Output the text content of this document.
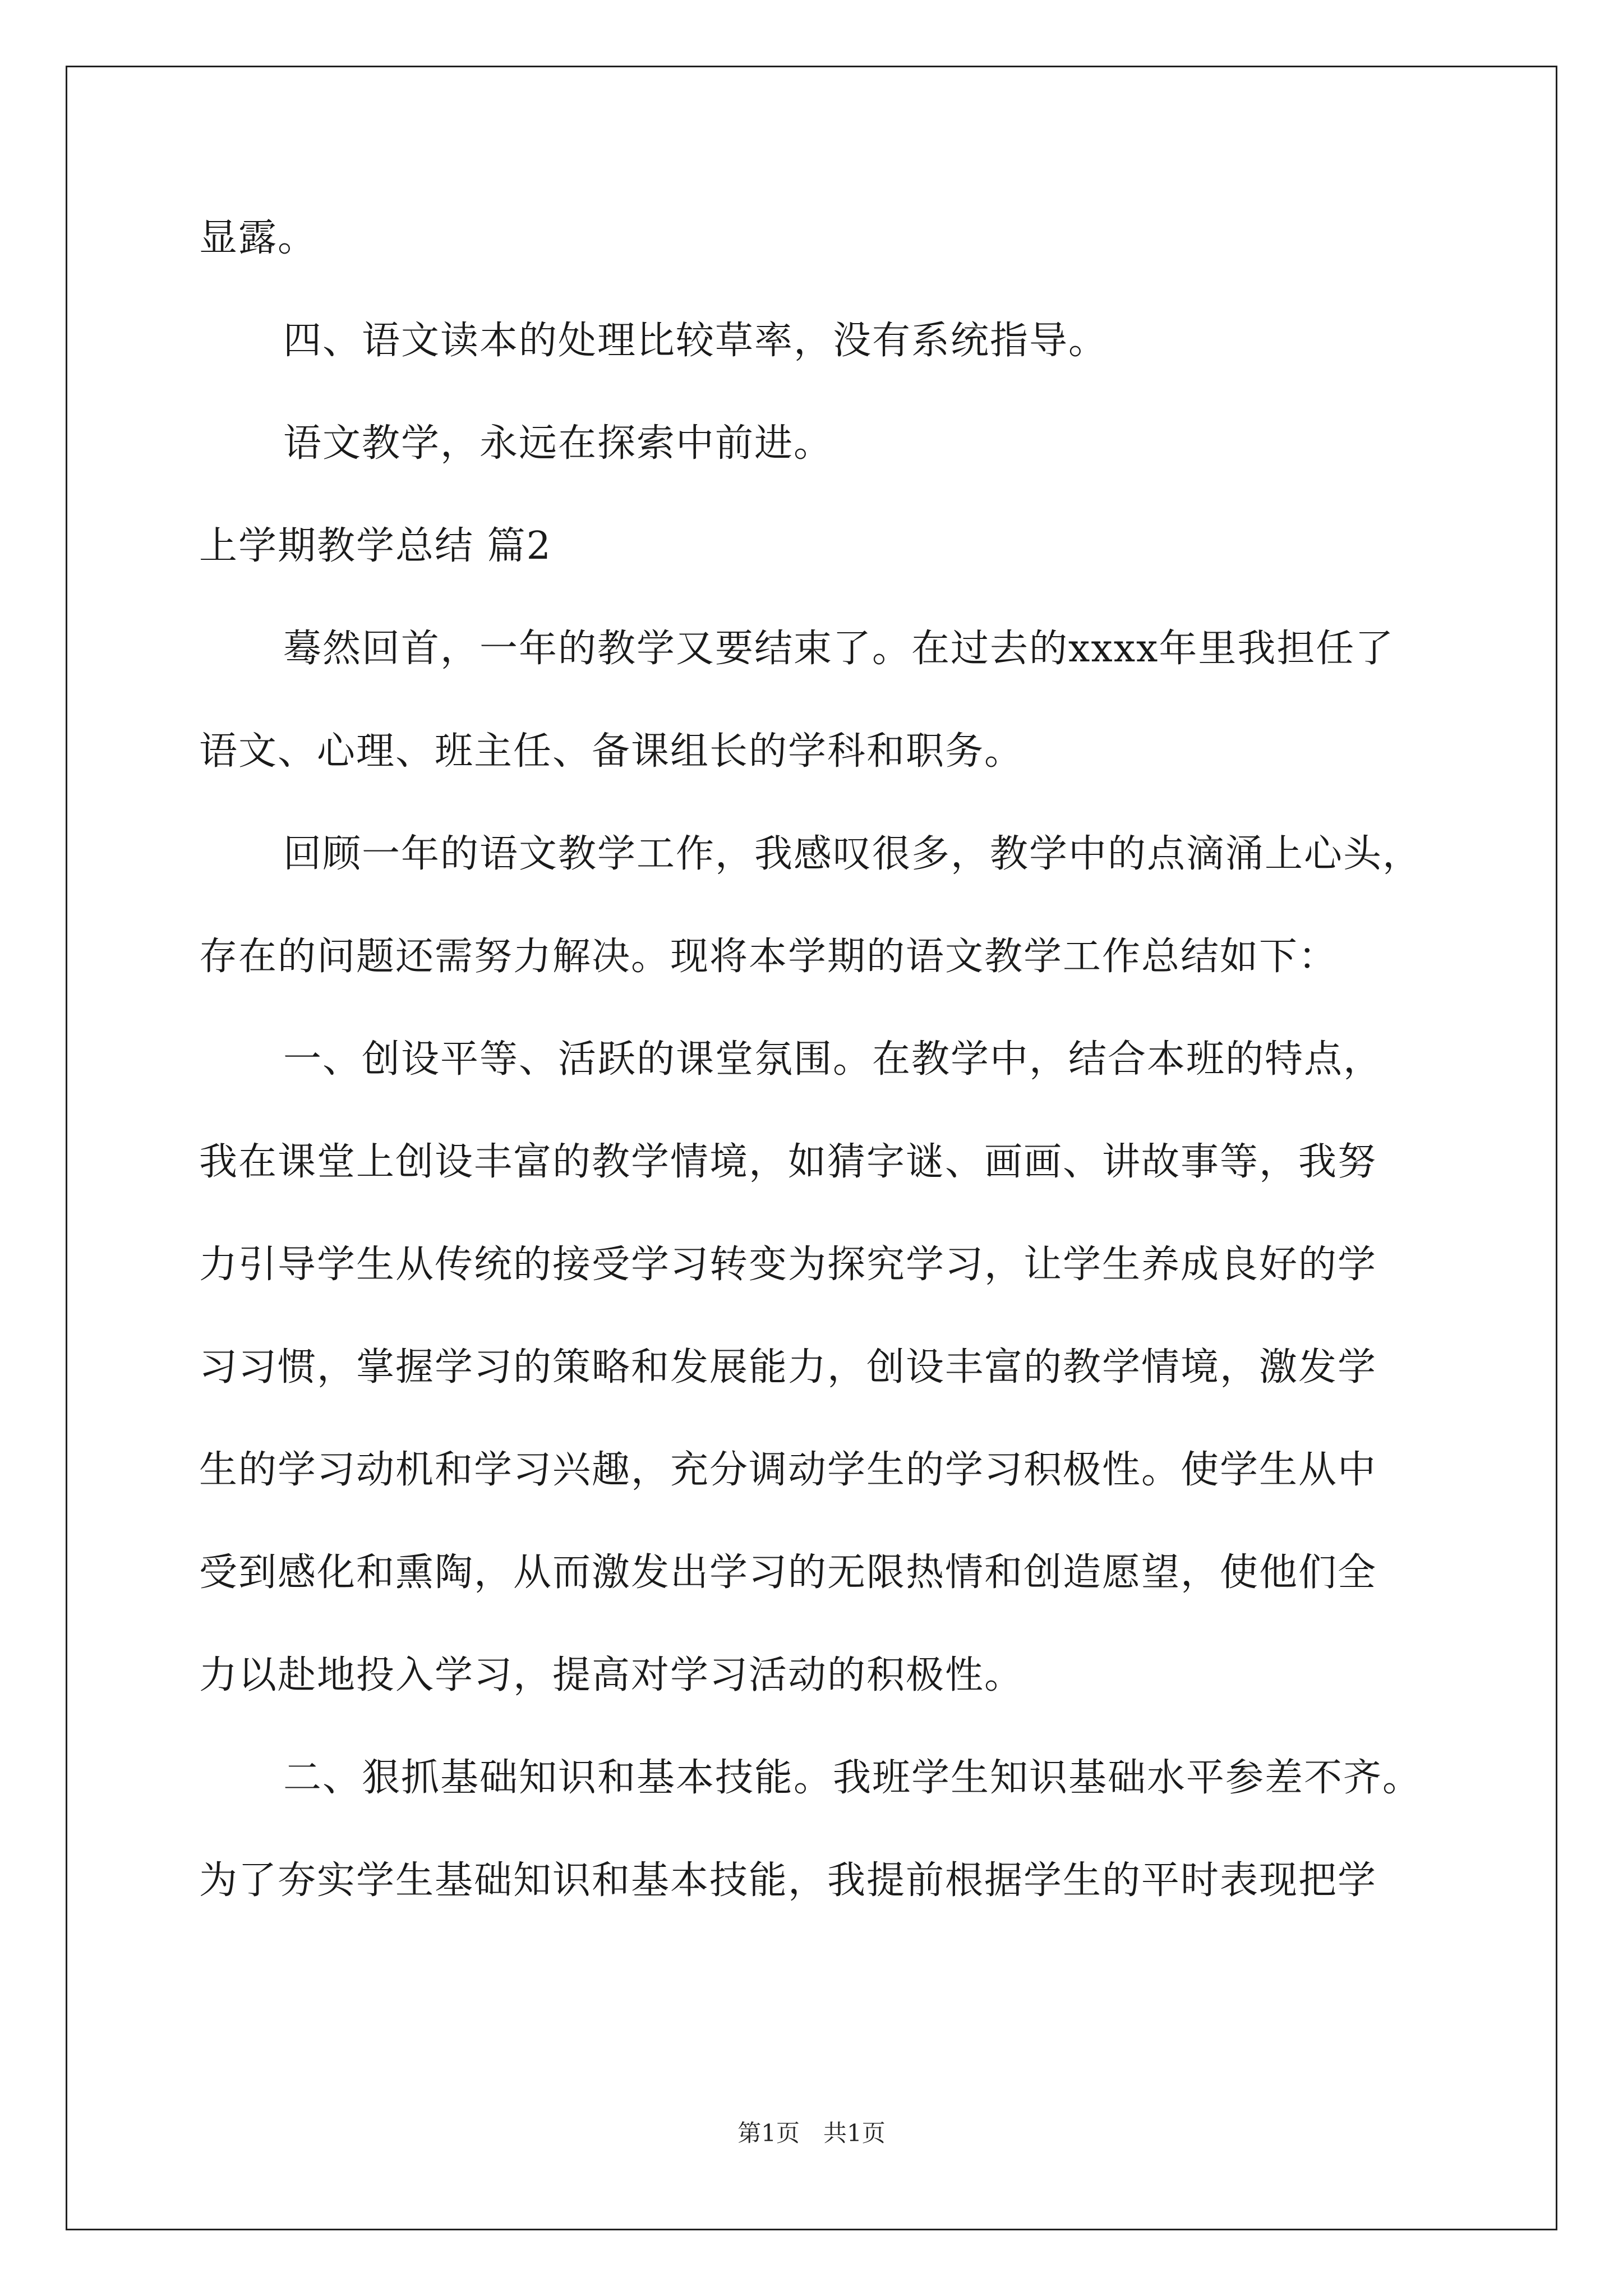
显露。
四、语文读本的处理比较草率，没有系统指导。
语文教学，永远在探索中前进。
上学期教学总结 篇2
蓦然回首，一年的教学又要结束了。在过去的xxxx年里我担任了
语文、心理、班主任、备课组长的学科和职务。
回顾一年的语文教学工作，我感叹很多，教学中的点滴涌上心头，
存在的问题还需努力解决。现将本学期的语文教学工作总结如下：
一、创设平等、活跃的课堂氛围。在教学中，结合本班的特点，
我在课堂上创设丰富的教学情境，如猜字谜、画画、讲故事等，我努
力引导学生从传统的接受学习转变为探究学习，让学生养成良好的学
习习惯，掌握学习的策略和发展能力，创设丰富的教学情境，激发学
生的学习动机和学习兴趣，充分调动学生的学习积极性。使学生从中
受到感化和熏陶，从而激发出学习的无限热情和创造愿望，使他们全
力以赴地投入学习，提高对学习活动的积极性。
二、狠抓基础知识和基本技能。我班学生知识基础水平参差不齐。
为了夯实学生基础知识和基本技能，我提前根据学生的平时表现把学
第1页　共1页
